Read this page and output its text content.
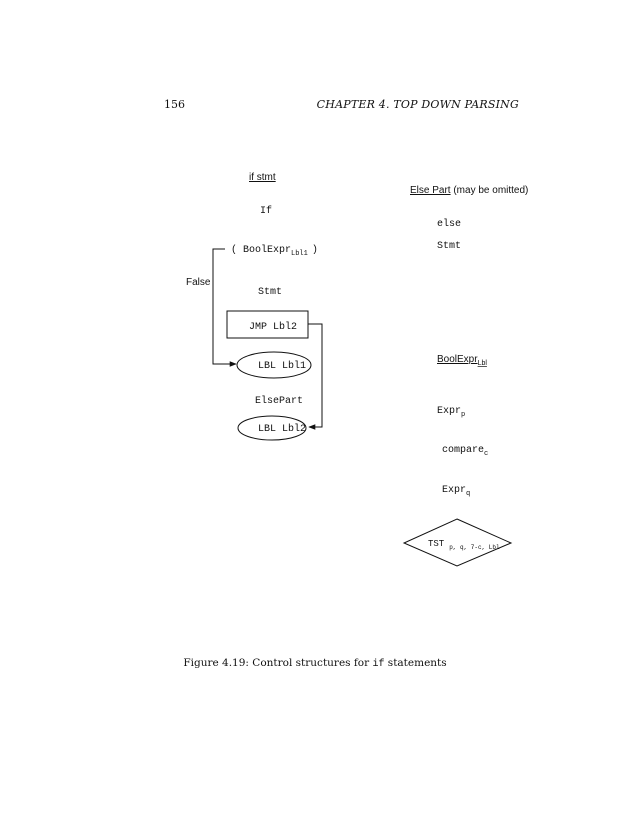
156	CHAPTER 4. TOP DOWN PARSING
if stmt
If
( BoolExpr$_{Lbl1}$ )
False
Stmt
JMP Lbl2
LBL Lbl1
ElsePart
LBL Lbl2
Else Part (may be omitted)
else
Stmt
BoolExpr$_{Lbl}$
Expr$_p$
compare$_c$
Expr$_q$
TST $_{p, q, 7-c, Lbl}$
Figure 4.19: Control structures for if statements
